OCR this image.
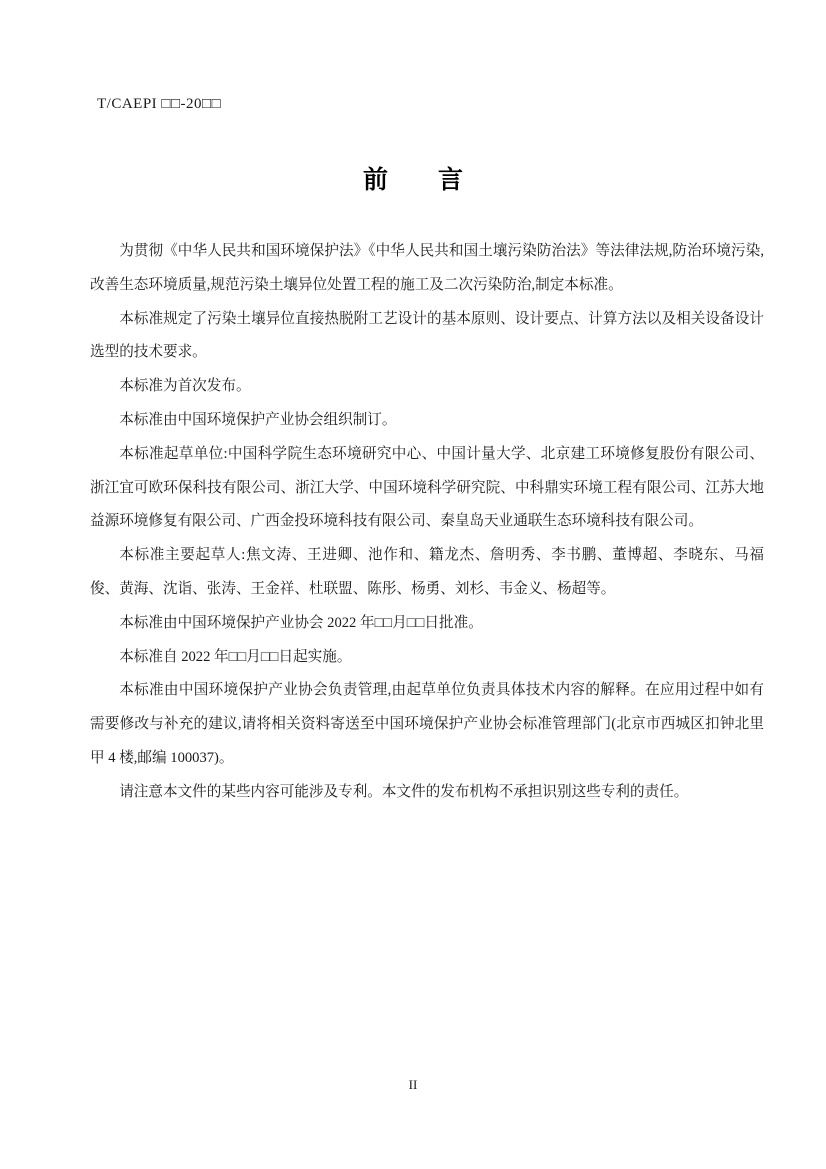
T/CAEPI □□-20□□
前　　言

为贯彻《中华人民共和国环境保护法》《中华人民共和国土壤污染防治法》等法律法规,防治环境污染,改善生态环境质量,规范污染土壤异位处置工程的施工及二次污染防治,制定本标准。

本标准规定了污染土壤异位直接热脱附工艺设计的基本原则、设计要点、计算方法以及相关设备设计选型的技术要求。

本标准为首次发布。

本标准由中国环境保护产业协会组织制订。

本标准起草单位:中国科学院生态环境研究中心、中国计量大学、北京建工环境修复股份有限公司、浙江宜可欧环保科技有限公司、浙江大学、中国环境科学研究院、中科鼎实环境工程有限公司、江苏大地益源环境修复有限公司、广西金投环境科技有限公司、秦皇岛天业通联生态环境科技有限公司。

本标准主要起草人:焦文涛、王进卿、池作和、籍龙杰、詹明秀、李书鹏、董博超、李晓东、马福俊、黄海、沈诣、张涛、王金祥、杜联盟、陈彤、杨勇、刘杉、韦金义、杨超等。

本标准由中国环境保护产业协会 2022 年□□月□□日批准。

本标准自 2022 年□□月□□日起实施。

本标准由中国环境保护产业协会负责管理,由起草单位负责具体技术内容的解释。在应用过程中如有需要修改与补充的建议,请将相关资料寄送至中国环境保护产业协会标准管理部门(北京市西城区扣钟北里甲 4 楼,邮编 100037)。

请注意本文件的某些内容可能涉及专利。本文件的发布机构不承担识别这些专利的责任。

II
